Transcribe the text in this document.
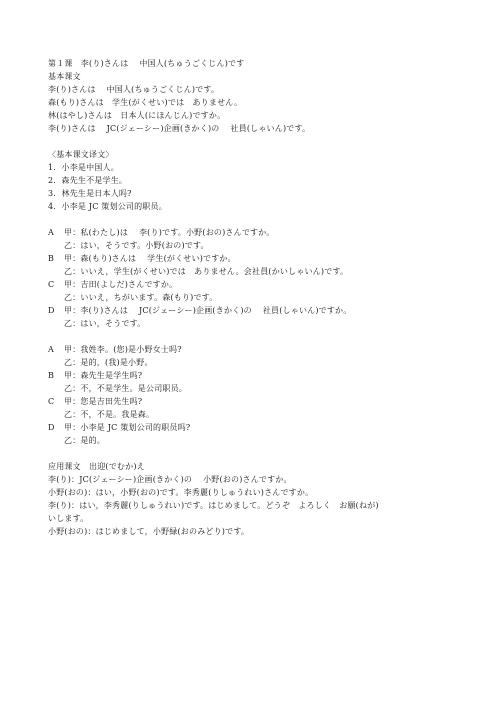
第１课　李(り)さんは　 中国人(ちゅうごくじん)です
基本课文
李(り)さんは　 中国人(ちゅうごくじん)です。
森(もり)さんは　学生(がくせい)では　ありません。
林(はやし)さんは　日本人(にほんじん)ですか。
李(り)さんは　 JC(ジェーシー)企画(きかく)の　 社員(しゃいん)です。
〈基本课文译文〉
1．小李是中国人。
2．森先生不是学生。
3．林先生是日本人吗?
4．小李是 JC 策划公司的职员。
A	甲：私(わたし)は　 李(り)です。小野(おの)さんですか。
乙：はい，そうです。小野(おの)です。
B	甲：森(もり)さんは　 学生(がくせい)ですか。
乙：いいえ，学生(がくせい)では　ありません。会社員(かいしゃいん)です。
C	甲：吉田(よしだ)さんですか。
乙：いいえ，ちがいます。森(もり)です。
D	甲：李(り)さんは　 JC(ジェーシー)企画(きかく)の　 社員(しゃいん)ですか。
乙：はい，そうです。
A	甲：我姓李。(您)是小野女士吗?
乙：是的，(我)是小野。
B	甲：森先生是学生吗?
乙：不，不是学生。是公司职员。
C	甲：您是吉田先生吗?
乙：不，不是。我是森。
D	甲：小李是 JC 策划公司的职员吗?
乙：是的。
应用课文　出迎(でむか)え
李(り)：JC(ジェーシー)企画(きかく)の　 小野(おの)さんですか。
小野(おの)：はい，小野(おの)です。李秀麗(りしゅうれい)さんですか。
李(り)：はい，李秀麗(りしゅうれい)です。はじめまして。どうぞ　よろしく　お願(ねが)
いします。
小野(おの)：はじめまして，小野緑(おのみどり)です。
